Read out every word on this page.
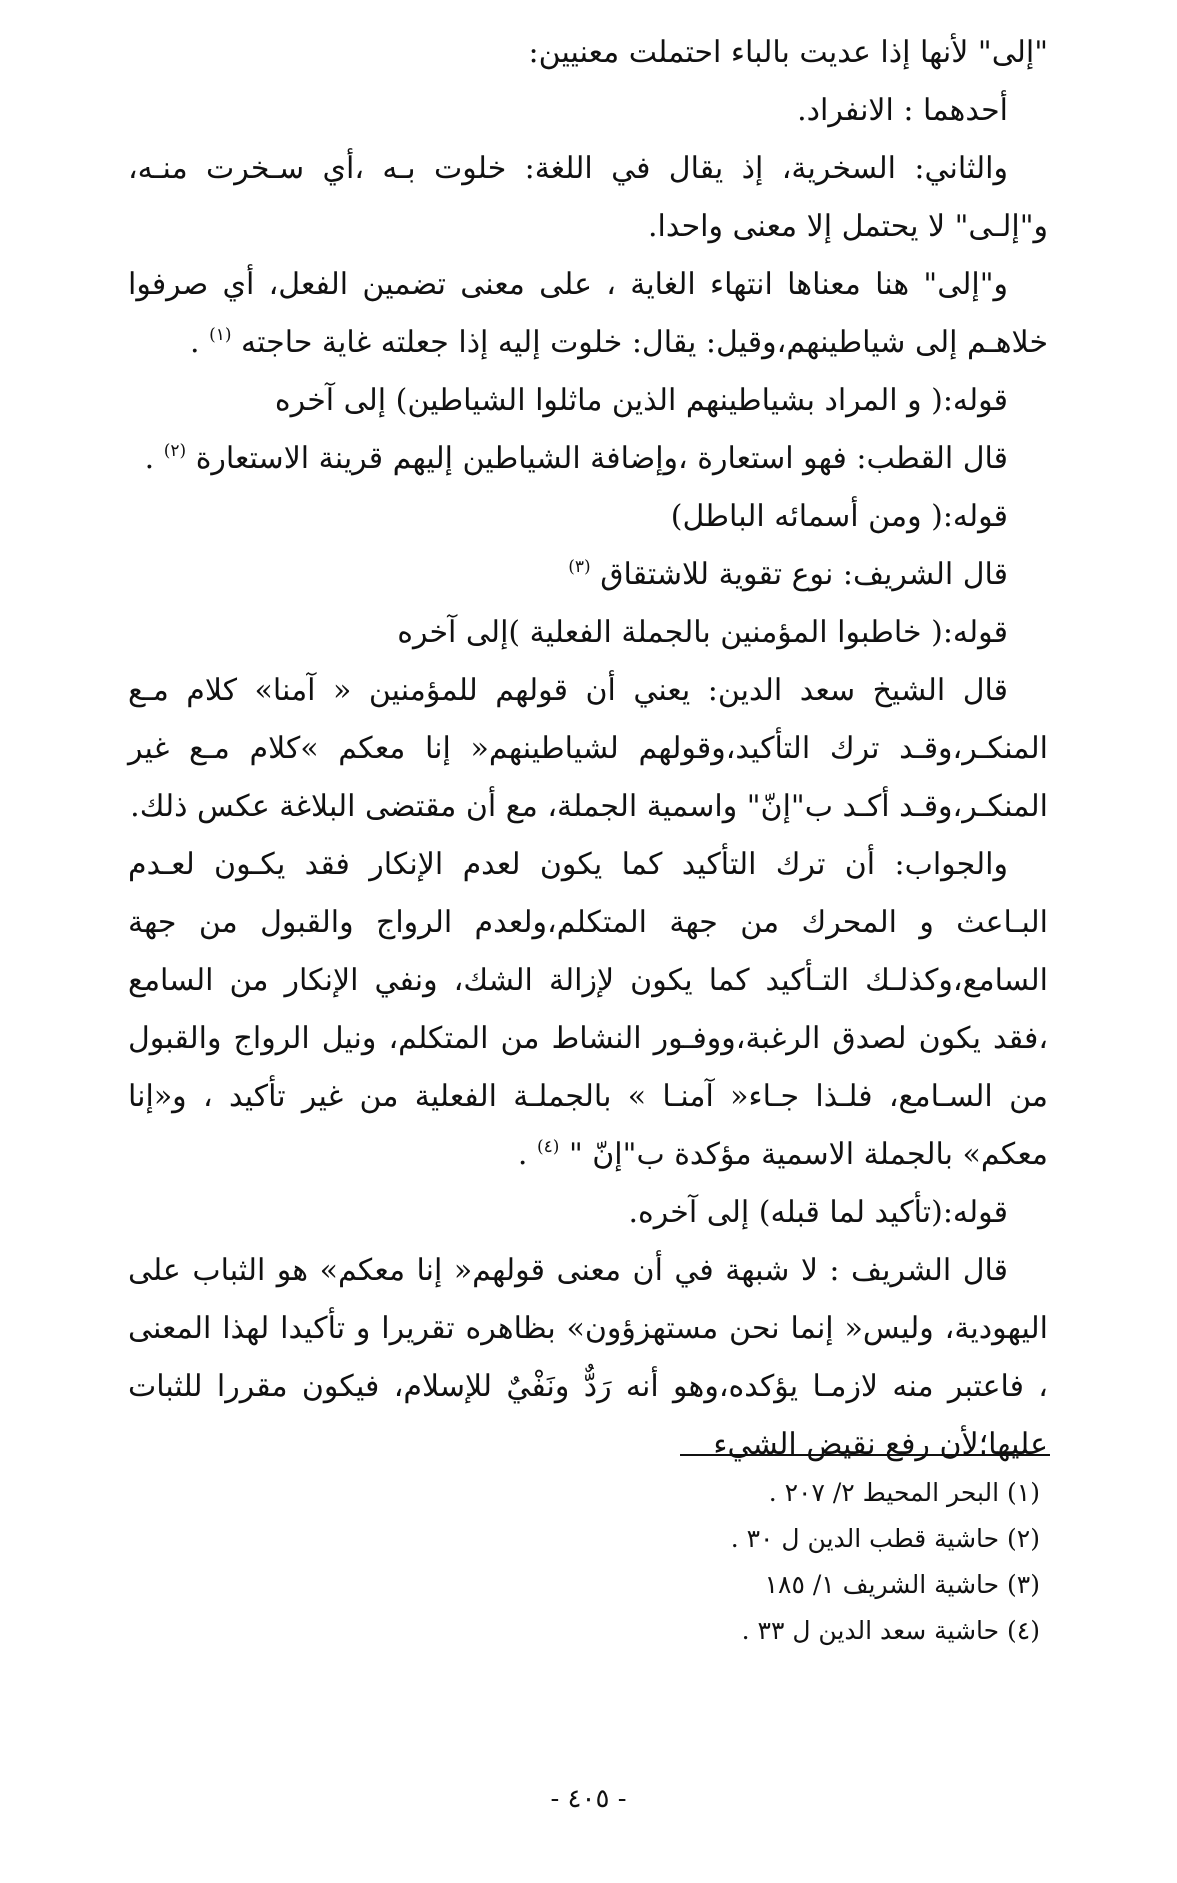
"إلى" لأنها إذا عديت بالباء احتملت معنيين:

أحدهما : الانفراد.

والثاني: السخرية، إذ يقال في اللغة: خلوت بـه ،أي سـخرت منـه، و"إلـى" لا يحتمل إلا معنى واحدا.

و"إلى" هنا معناها انتهاء الغاية ، على معنى تضمين الفعل، أي صرفوا خلاهـم إلى شياطينهم،وقيل: يقال: خلوت إليه إذا جعلته غاية حاجته $^{(١)}$ .

قوله:( و المراد بشياطينهم الذين ماثلوا الشياطين) إلى آخره

قال القطب: فهو استعارة ،وإضافة الشياطين إليهم قرينة الاستعارة $^{(٢)}$ .

قوله:( ومن أسمائه الباطل)

قال الشريف: نوع تقوية للاشتقاق $^{(٣)}$

قوله:( خاطبوا المؤمنين بالجملة الفعلية )إلى آخره

قال الشيخ سعد الدين: يعني أن قولهم للمؤمنين « آمنا» كلام مـع المنكـر،وقـد ترك التأكيد،وقولهم لشياطينهم« إنا معكم »كلام مـع غير المنكـر،وقـد أكـد ب"إنّ" واسمية الجملة، مع أن مقتضى البلاغة عكس ذلك.

والجواب: أن ترك التأكيد كما يكون لعدم الإنكار فقد يكـون لعـدم البـاعث و المحرك من جهة المتكلم،ولعدم الرواج والقبول من جهة السامع،وكذلـك التـأكيد كما يكون لإزالة الشك، ونفي الإنكار من السامع ،فقد يكون لصدق الرغبة،ووفـور النشاط من المتكلم، ونيل الرواج والقبول من السـامع، فلـذا جـاء« آمنـا » بالجملـة الفعلية من غير تأكيد ، و«إنا معكم» بالجملة الاسمية مؤكدة ب"إنّ " $^{(٤)}$ .

قوله:(تأكيد لما قبله) إلى آخره.

قال الشريف : لا شبهة في أن معنى قولهم« إنا معكم» هو الثباب على اليهودية، وليس« إنما نحن مستهزؤون» بظاهره تقريرا و تأكيدا لهذا المعنى ، فاعتبر منه لازمـا يؤكده،وهو أنه رَدٌّ ونَفْيٌ للإسلام، فيكون مقررا للثبات عليها؛لأن رفع نقيض الشيء

(١) البحر المحيط ٢/ ٢٠٧ .

(٢) حاشية قطب الدين ل ٣٠ .

(٣) حاشية الشريف ١/ ١٨٥

(٤) حاشية سعد الدين ل ٣٣ .

- ٤٠٥ -
